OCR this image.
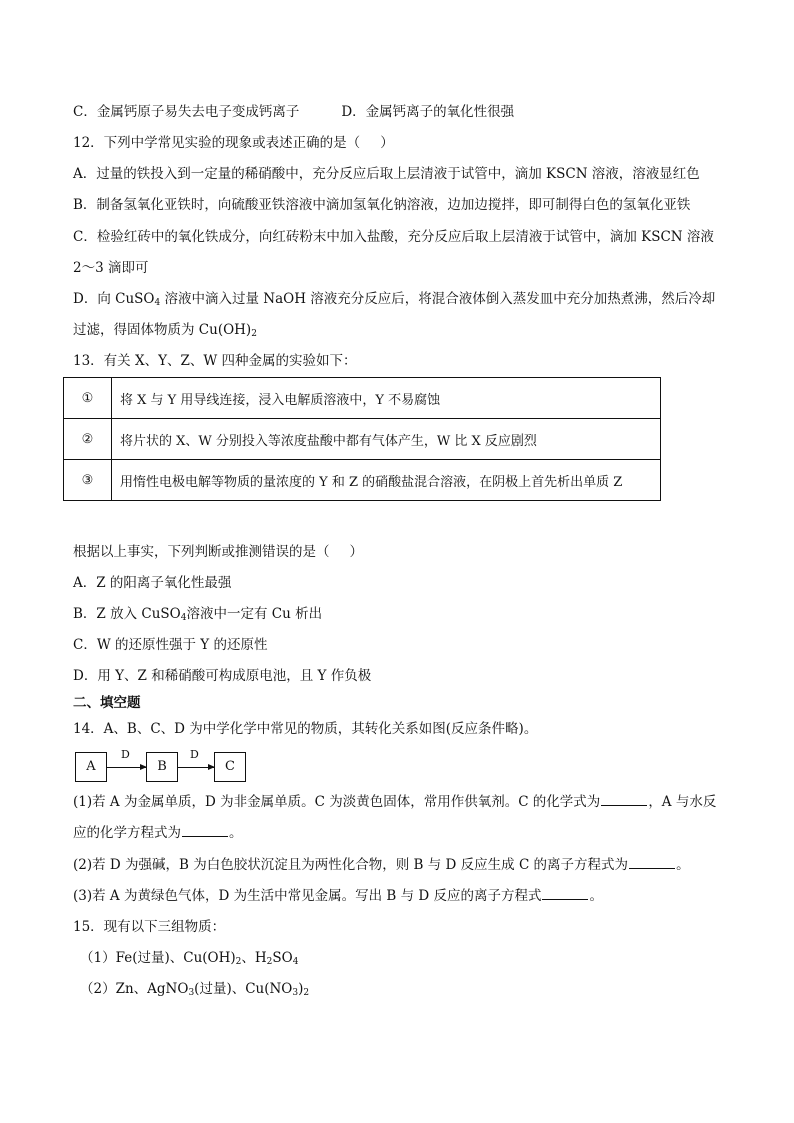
C．金属钙原子易失去电子变成钙离子	D．金属钙离子的氧化性很强
12．下列中学常见实验的现象或表述正确的是（ ）
A．过量的铁投入到一定量的稀硝酸中，充分反应后取上层清液于试管中，滴加 KSCN 溶液，溶液显红色
B．制备氢氧化亚铁时，向硫酸亚铁溶液中滴加氢氧化钠溶液，边加边搅拌，即可制得白色的氢氧化亚铁
C．检验红砖中的氧化铁成分，向红砖粉末中加入盐酸，充分反应后取上层清液于试管中，滴加 KSCN 溶液
2～3 滴即可
D．向 CuSO$_4$ 溶液中滴入过量 NaOH 溶液充分反应后，将混合液体倒入蒸发皿中充分加热煮沸，然后冷却
过滤，得固体物质为 $Cu(OH)_2$
13．有关 X、Y、Z、W 四种金属的实验如下：
①	将 X 与 Y 用导线连接，浸入电解质溶液中，Y 不易腐蚀
②	将片状的 X、W 分别投入等浓度盐酸中都有气体产生，W 比 X 反应剧烈
③	用惰性电极电解等物质的量浓度的 Y 和 Z 的硝酸盐混合溶液，在阴极上首先析出单质 Z
根据以上事实，下列判断或推测错误的是（ ）
A．Z 的阳离子氧化性最强
B．Z 放入 CuSO$_4$溶液中一定有 Cu 析出
C．W 的还原性强于 Y 的还原性
D．用 Y、Z 和稀硝酸可构成原电池，且 Y 作负极
二、填空题
14．A、B、C、D 为中学化学中常见的物质，其转化关系如图(反应条件略)。
A
D
B
D
C
(1)若 A 为金属单质，D 为非金属单质。C 为淡黄色固体，常用作供氧剂。C 的化学式为	，A 与水反
应的化学方程式为	。
(2)若 D 为强碱，B 为白色胶状沉淀且为两性化合物，则 B 与 D 反应生成 C 的离子方程式为	。
(3)若 A 为黄绿色气体，D 为生活中常见金属。写出 B 与 D 反应的离子方程式	。
15．现有以下三组物质：
（1）Fe(过量)、$Cu(OH)_2$、$H_2SO_4$
（2）Zn、AgNO$_3$(过量)、$Cu(NO_3)_2$
